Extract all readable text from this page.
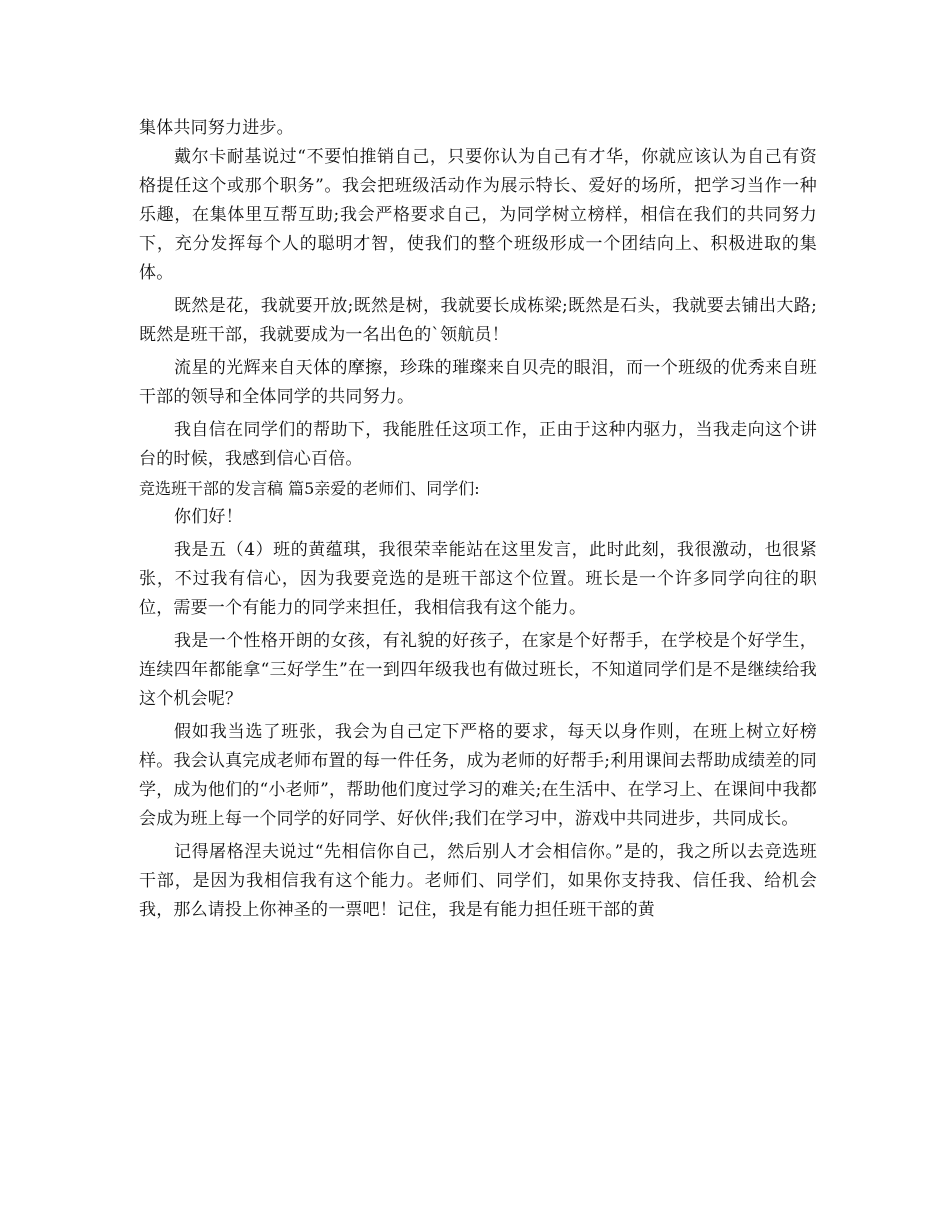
集体共同努力进步。

戴尔卡耐基说过“不要怕推销自己，只要你认为自己有才华，你就应该认为自己有资格提任这个或那个职务”。我会把班级活动作为展示特长、爱好的场所，把学习当作一种乐趣，在集体里互帮互助;我会严格要求自己，为同学树立榜样，相信在我们的共同努力下，充分发挥每个人的聪明才智，使我们的整个班级形成一个团结向上、积极进取的集体。

既然是花，我就要开放;既然是树，我就要长成栋梁;既然是石头，我就要去铺出大路;既然是班干部，我就要成为一名出色的`领航员！

流星的光辉来自天体的摩擦，珍珠的璀璨来自贝壳的眼泪，而一个班级的优秀来自班干部的领导和全体同学的共同努力。

我自信在同学们的帮助下，我能胜任这项工作，正由于这种内驱力，当我走向这个讲台的时候，我感到信心百倍。

竞选班干部的发言稿 篇5亲爱的老师们、同学们:

你们好！

我是五（4）班的黄蕴琪，我很荣幸能站在这里发言，此时此刻，我很激动，也很紧张，不过我有信心，因为我要竞选的是班干部这个位置。班长是一个许多同学向往的职位，需要一个有能力的同学来担任，我相信我有这个能力。

我是一个性格开朗的女孩，有礼貌的好孩子，在家是个好帮手，在学校是个好学生，连续四年都能拿“三好学生”在一到四年级我也有做过班长，不知道同学们是不是继续给我这个机会呢？

假如我当选了班张，我会为自己定下严格的要求，每天以身作则，在班上树立好榜样。我会认真完成老师布置的每一件任务，成为老师的好帮手;利用课间去帮助成绩差的同学，成为他们的“小老师”，帮助他们度过学习的难关;在生活中、在学习上、在课间中我都会成为班上每一个同学的好同学、好伙伴;我们在学习中，游戏中共同进步，共同成长。

记得屠格涅夫说过“先相信你自己，然后别人才会相信你。”是的，我之所以去竞选班干部，是因为我相信我有这个能力。老师们、同学们，如果你支持我、信任我、给机会我，那么请投上你神圣的一票吧！记住，我是有能力担任班干部的黄
